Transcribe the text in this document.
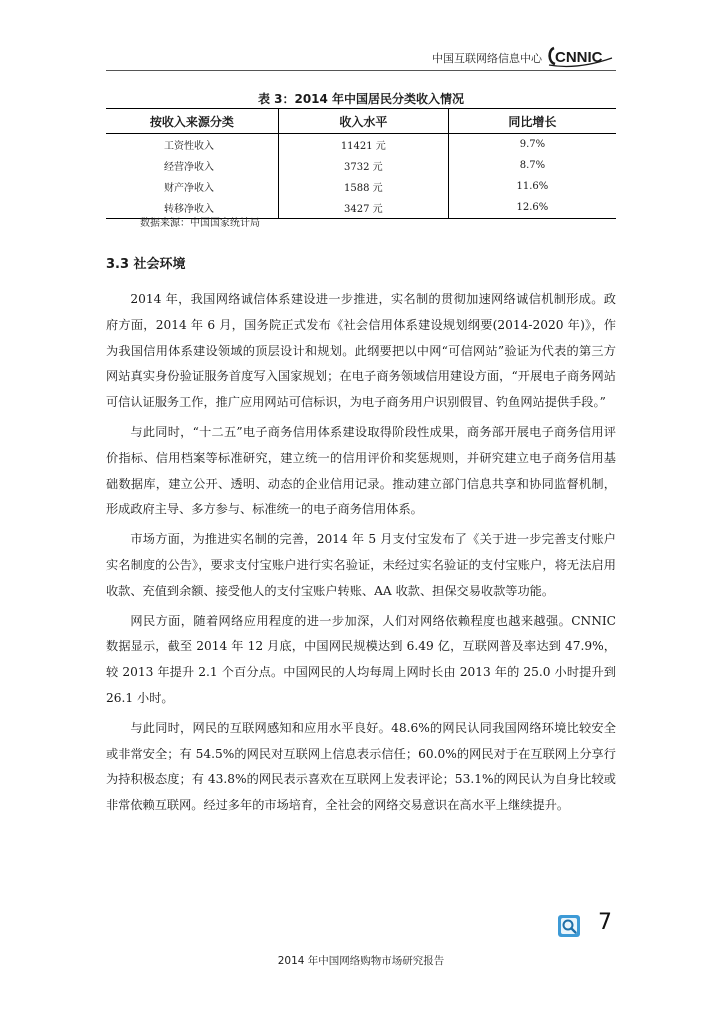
中国互联网络信息中心 CNNIC
表 3：2014 年中国居民分类收入情况
按收入来源分类	收入水平	同比增长
工资性收入	11421 元	9.7%
经营净收入	3732 元	8.7%
财产净收入	1588 元	11.6%
转移净收入	3427 元	12.6%
数据来源：中国国家统计局
3.3 社会环境

2014 年，我国网络诚信体系建设进一步推进，实名制的贯彻加速网络诚信机制形成。政府方面，2014 年 6 月，国务院正式发布《社会信用体系建设规划纲要(2014-2020 年)》，作为我国信用体系建设领域的顶层设计和规划。此纲要把以中网“可信网站”验证为代表的第三方网站真实身份验证服务首度写入国家规划；在电子商务领域信用建设方面，“开展电子商务网站可信认证服务工作，推广应用网站可信标识，为电子商务用户识别假冒、钓鱼网站提供手段。”

与此同时，“十二五”电子商务信用体系建设取得阶段性成果，商务部开展电子商务信用评价指标、信用档案等标准研究，建立统一的信用评价和奖惩规则，并研究建立电子商务信用基础数据库，建立公开、透明、动态的企业信用记录。推动建立部门信息共享和协同监督机制，形成政府主导、多方参与、标准统一的电子商务信用体系。

市场方面，为推进实名制的完善，2014 年 5 月支付宝发布了《关于进一步完善支付账户实名制度的公告》，要求支付宝账户进行实名验证，未经过实名验证的支付宝账户，将无法启用收款、充值到余额、接受他人的支付宝账户转账、AA 收款、担保交易收款等功能。

网民方面，随着网络应用程度的进一步加深，人们对网络依赖程度也越来越强。CNNIC 数据显示，截至 2014 年 12 月底，中国网民规模达到 6.49 亿，互联网普及率达到 47.9%，较 2013 年提升 2.1 个百分点。中国网民的人均每周上网时长由 2013 年的 25.0 小时提升到 26.1 小时。

与此同时，网民的互联网感知和应用水平良好。48.6%的网民认同我国网络环境比较安全或非常安全；有 54.5%的网民对互联网上信息表示信任；60.0%的网民对于在互联网上分享行为持积极态度；有 43.8%的网民表示喜欢在互联网上发表评论；53.1%的网民认为自身比较或非常依赖互联网。经过多年的市场培育，全社会的网络交易意识在高水平上继续提升。

7
2014 年中国网络购物市场研究报告
